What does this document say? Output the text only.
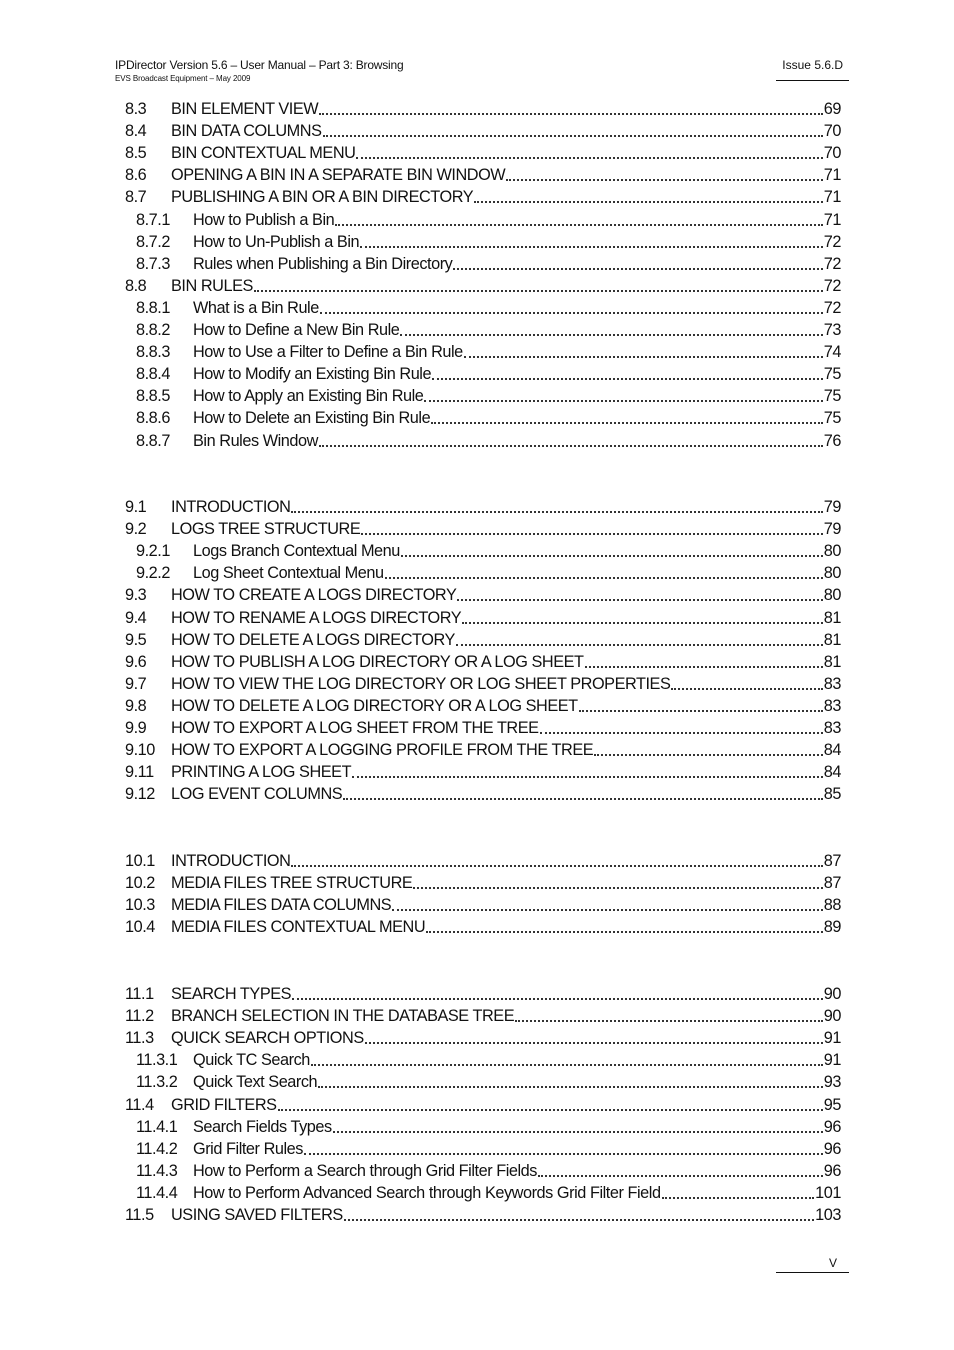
IPDirector Version 5.6 – User Manual – Part 3: Browsing
EVS Broadcast Equipment – May 2009
Issue 5.6.D
8.3	BIN ELEMENT VIEW	69
8.4	BIN DATA COLUMNS	70
8.5	BIN CONTEXTUAL MENU	70
8.6	OPENING A BIN IN A SEPARATE BIN WINDOW	71
8.7	PUBLISHING A BIN OR A BIN DIRECTORY	71
8.7.1	How to Publish a Bin	71
8.7.2	How to Un-Publish a Bin	72
8.7.3	Rules when Publishing a Bin Directory	72
8.8	BIN RULES	72
8.8.1	What is a Bin Rule	72
8.8.2	How to Define a New Bin Rule	73
8.8.3	How to Use a Filter to Define a Bin Rule	74
8.8.4	How to Modify an Existing Bin Rule	75
8.8.5	How to Apply an Existing Bin Rule	75
8.8.6	How to Delete an Existing Bin Rule	75
8.8.7	Bin Rules Window	76
9.1	INTRODUCTION	79
9.2	LOGS TREE STRUCTURE	79
9.2.1	Logs Branch Contextual Menu	80
9.2.2	Log Sheet Contextual Menu	80
9.3	HOW TO CREATE A LOGS DIRECTORY	80
9.4	HOW TO RENAME A LOGS DIRECTORY	81
9.5	HOW TO DELETE A LOGS DIRECTORY	81
9.6	HOW TO PUBLISH A LOG DIRECTORY OR A LOG SHEET	81
9.7	HOW TO VIEW THE LOG DIRECTORY OR LOG SHEET PROPERTIES	83
9.8	HOW TO DELETE A LOG DIRECTORY OR A LOG SHEET	83
9.9	HOW TO EXPORT A LOG SHEET FROM THE TREE	83
9.10 HOW TO EXPORT A LOGGING PROFILE FROM THE TREE	84
9.11	PRINTING A LOG SHEET	84
9.12 LOG EVENT COLUMNS	85
10.1 INTRODUCTION	87
10.2 MEDIA FILES TREE STRUCTURE	87
10.3 MEDIA FILES DATA COLUMNS	88
10.4 MEDIA FILES CONTEXTUAL MENU	89
11.1	SEARCH TYPES	90
11.2	BRANCH SELECTION IN THE DATABASE TREE	90
11.3	QUICK SEARCH OPTIONS	91
11.3.1 Quick TC Search	91
11.3.2 Quick Text Search	93
11.4	GRID FILTERS	95
11.4.1 Search Fields Types	96
11.4.2 Grid Filter Rules	96
11.4.3 How to Perform a Search through Grid Filter Fields	96
11.4.4 How to Perform Advanced Search through Keywords Grid Filter Field	101
11.5	USING SAVED FILTERS	103
V
